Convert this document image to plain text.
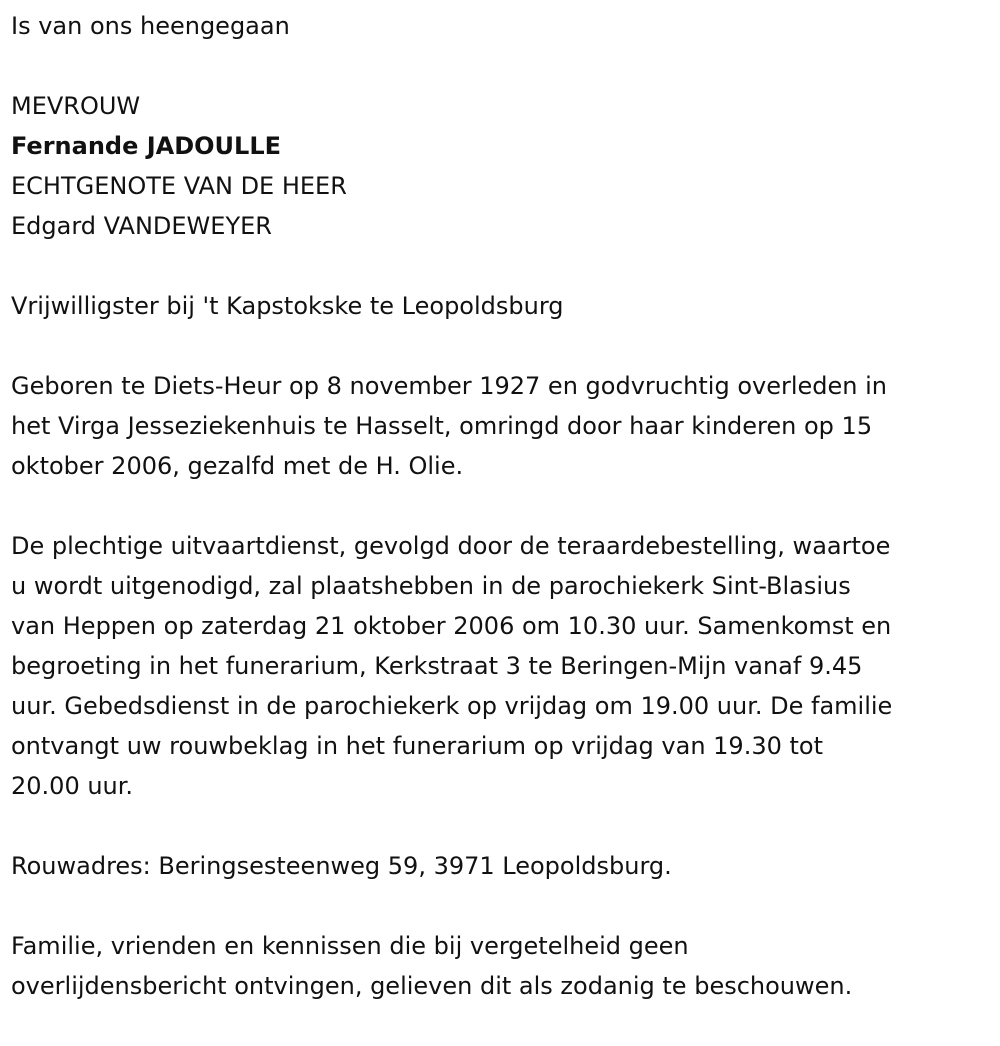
Is van ons heengegaan
MEVROUW
Fernande JADOULLE
ECHTGENOTE VAN DE HEER
Edgard VANDEWEYER
Vrijwilligster bij 't Kapstokske te Leopoldsburg
Geboren te Diets-Heur op 8 november 1927 en godvruchtig overleden in
het Virga Jesseziekenhuis te Hasselt, omringd door haar kinderen op 15
oktober 2006, gezalfd met de H. Olie.
De plechtige uitvaartdienst, gevolgd door de teraardebestelling, waartoe
u wordt uitgenodigd, zal plaatshebben in de parochiekerk Sint-Blasius
van Heppen op zaterdag 21 oktober 2006 om 10.30 uur. Samenkomst en
begroeting in het funerarium, Kerkstraat 3 te Beringen-Mijn vanaf 9.45
uur. Gebedsdienst in de parochiekerk op vrijdag om 19.00 uur. De familie
ontvangt uw rouwbeklag in het funerarium op vrijdag van 19.30 tot
20.00 uur.
Rouwadres: Beringsesteenweg 59, 3971 Leopoldsburg.
Familie, vrienden en kennissen die bij vergetelheid geen
overlijdensbericht ontvingen, gelieven dit als zodanig te beschouwen.
